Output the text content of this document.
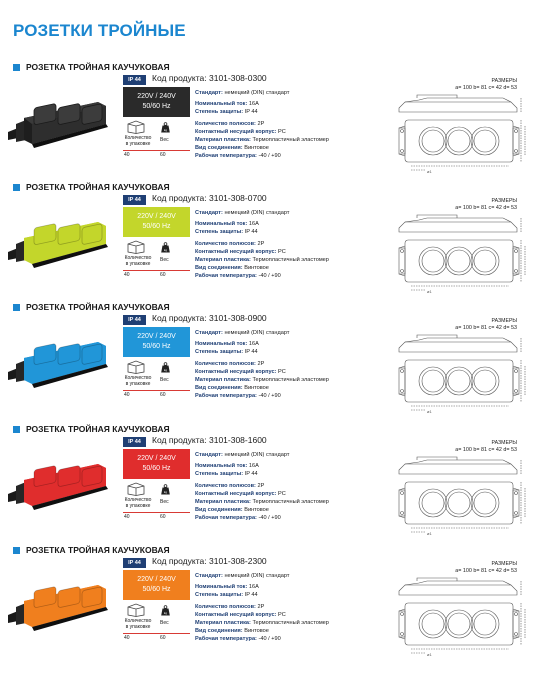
РОЗЕТКИ ТРОЙНЫЕ
РОЗЕТКА ТРОЙНАЯ КАУЧУКОВАЯ
IP 44	Код продукта: 3101-308-0300
220V / 240V
50/60 Hz
Стандарт: немецкий (DIN) стандарт
Номинальный ток: 16А
Степень защиты: IP 44
Количество полюсов: 2Р
Контактный несущий корпус: PC
Материал пластика: Термопластичный эластомер
Вид соединения: Винтовое
Рабочая температура: -40 / +90
kg
Количество в упаковке
Вес
40	60
РАЗМЕРЫ
a= 100 b= 81 c= 42 d= 53
ø1
РОЗЕТКА ТРОЙНАЯ КАУЧУКОВАЯ
IP 44	Код продукта: 3101-308-0700
220V / 240V
50/60 Hz
Стандарт: немецкий (DIN) стандарт
Номинальный ток: 16А
Степень защиты: IP 44
Количество полюсов: 2Р
Контактный несущий корпус: PC
Материал пластика: Термопластичный эластомер
Вид соединения: Винтовое
Рабочая температура: -40 / +90
kg
Количество в упаковке
Вес
40	60
РАЗМЕРЫ
a= 100 b= 81 c= 42 d= 53
ø1
РОЗЕТКА ТРОЙНАЯ КАУЧУКОВАЯ
IP 44	Код продукта: 3101-308-0900
220V / 240V
50/60 Hz
Стандарт: немецкий (DIN) стандарт
Номинальный ток: 16А
Степень защиты: IP 44
Количество полюсов: 2Р
Контактный несущий корпус: PC
Материал пластика: Термопластичный эластомер
Вид соединения: Винтовое
Рабочая температура: -40 / +90
kg
Количество в упаковке
Вес
40	60
РАЗМЕРЫ
a= 100 b= 81 c= 42 d= 53
ø1
РОЗЕТКА ТРОЙНАЯ КАУЧУКОВАЯ
IP 44	Код продукта: 3101-308-1600
220V / 240V
50/60 Hz
Стандарт: немецкий (DIN) стандарт
Номинальный ток: 16А
Степень защиты: IP 44
Количество полюсов: 2Р
Контактный несущий корпус: PC
Материал пластика: Термопластичный эластомер
Вид соединения: Винтовое
Рабочая температура: -40 / +90
kg
Количество в упаковке
Вес
40	60
РАЗМЕРЫ
a= 100 b= 81 c= 42 d= 53
ø1
РОЗЕТКА ТРОЙНАЯ КАУЧУКОВАЯ
IP 44	Код продукта: 3101-308-2300
220V / 240V
50/60 Hz
Стандарт: немецкий (DIN) стандарт
Номинальный ток: 16А
Степень защиты: IP 44
Количество полюсов: 2Р
Контактный несущий корпус: PC
Материал пластика: Термопластичный эластомер
Вид соединения: Винтовое
Рабочая температура: -40 / +90
kg
Количество в упаковке
Вес
40	60
РАЗМЕРЫ
a= 100 b= 81 c= 42 d= 53
ø1
